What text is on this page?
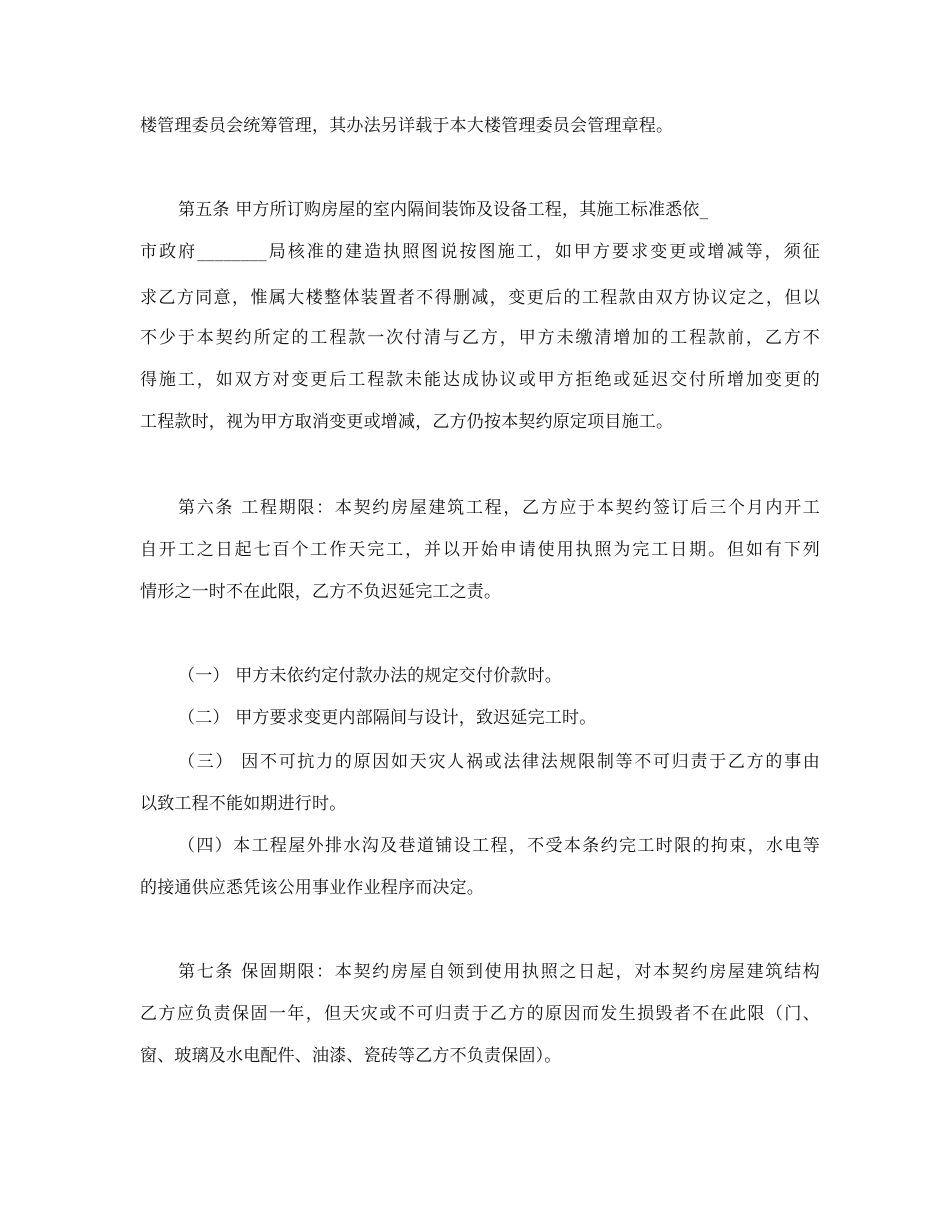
楼管理委员会统筹管理，其办法另详载于本大楼管理委员会管理章程。
第五条 甲方所订购房屋的室内隔间装饰及设备工程，其施工标准悉依_
市政府________局核准的建造执照图说按图施工，如甲方要求变更或增减等，须征
求乙方同意，惟属大楼整体装置者不得删减，变更后的工程款由双方协议定之，但以
不少于本契约所定的工程款一次付清与乙方，甲方未缴清增加的工程款前，乙方不
得施工，如双方对变更后工程款未能达成协议或甲方拒绝或延迟交付所增加变更的
工程款时，视为甲方取消变更或增减，乙方仍按本契约原定项目施工。
第六条 工程期限：本契约房屋建筑工程，乙方应于本契约签订后三个月内开工
自开工之日起七百个工作天完工，并以开始申请使用执照为完工日期。但如有下列
情形之一时不在此限，乙方不负迟延完工之责。
（一） 甲方未依约定付款办法的规定交付价款时。
（二） 甲方要求变更内部隔间与设计，致迟延完工时。
（三） 因不可抗力的原因如天灾人祸或法律法规限制等不可归责于乙方的事由
以致工程不能如期进行时。
（四）本工程屋外排水沟及巷道铺设工程，不受本条约完工时限的拘束，水电等
的接通供应悉凭该公用事业作业程序而决定。
第七条 保固期限：本契约房屋自领到使用执照之日起，对本契约房屋建筑结构
乙方应负责保固一年，但天灾或不可归责于乙方的原因而发生损毁者不在此限（门、
窗、玻璃及水电配件、油漆、瓷砖等乙方不负责保固）。
